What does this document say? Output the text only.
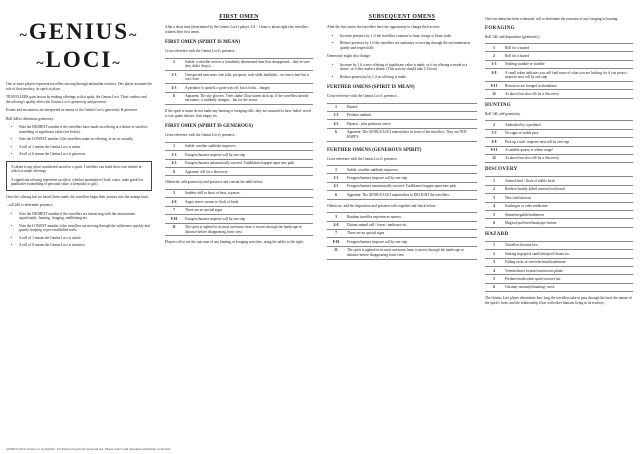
~GENIUS~
~LOCI~

One or more players represent travellers moving through unfamiliar territory. One player assumes the role of that territory, its spirit of place.

TRAVELLERS gain favour by making offerings to that spirit, the Genius Loci. Their conduct and the offering's quality affect the Genius Loci's generosity and presence.

Events and encounters are interpreted as omens of the Genius Loci's generosity & presence.

Roll 2d6 to determine generosity.

• Note the HIGHEST number if the travellers have made an offering at a shrine or sacrifice something of significant value (see below).
• Note the LOWEST number if the travellers make no offering, or do so casually.
• A roll of 1 means the Genius Loci is mean.
• A roll of 6 means the Genius Loci is generous.

A shrine is any place considered sacred to a spirit. Travellers can build their own shrines at which to make offerings.

A significant offering represents sacrifice, whether quantitative (food, water, trade goods) or qualitative (something of personal value: a keepsake or gift).

Once the offering has (or hasn't) been made, the travellers begin their journey into the strange land.

...roll 2d6 to determine presence.

• Note the HIGHEST number if the travellers are interacting with the environment significantly: hunting, foraging, trailblazing etc.
• Note the LOWEST number if the travellers are moving through the wilderness quickly and quietly, keeping to pre-established trails.
• A roll of 1 means the Genius Loci is subtle.
• A roll of 6 means the Genius Loci is intrusive.
FIRST OMEN

After a short time (determined by the Genius Loci's player, 1/2 - 1 hour is about right) the travellers witness their first omen.

FIRST OMEN (SPIRIT IS MEAN)

Cross-reference with the Genius Loci's presence...

1	Subtle: a traveller notices a (randomly determined item) has disappeared... they're sure they didn't drop it...
2-3	Unexpected near miss: tree falls, pit opens, rock-slide, landslide... no-one is hurt but it was close.
4-5	A predator is spotted, a good way off, but it looks... hungry.
6	Apparent: The sky glowers. Trees shake. Dust storms kick up. If the travellers already encounter, it suddenly changes... but for the worse.

If the spirit is mean do not make any hunting or foraging rolls, they are assumed to have failed: wood is wet, game elusive, fruit empty etc.

FIRST OMEN (SPIRIT IS GENEROUS)

Cross-reference with the Genius Loci's presence...

1	Subtle: weather suddenly improves.
2-3	Foragers/hunters improve roll by one step
4-5	Foragers/hunters automatically succeed. Trailblazers happen upon new path.
6	Apparent: roll for a discovery.

Otherwise, add generosity and presence and consult the table below:

3	Sudden chill or burst of heat, it passes.
4-6	Angry insect swarm or flock of birds.
7	There are no special signs
8-10	Foragers/hunters improve roll by one step
11	The spirit is sighted in its most awesome form: it moves through the landscape at distance before disappearing from view.

Players roll to see the outcome of any hunting or foraging activities, using the tables to the right.

SUBSEQUENT OMENS

After the first omen, the travellers have the opportunity to change their accuse:

• Increase presence by 1 if the travellers continue to hunt, forage or blaze trails.
• Reduce presence by 1 if the travellers are stationary or moving through the environment in quietly and respectfully.

Generosity might also change:

• Increase by 1 if a new offering of significant value is made, or if an offering is made at a shrine, or if they make a shrine. (This activity should take 1/2 hour)
• Reduce generosity by 1 if no offering is made.
FURTHER OMENS (SPIRIT IS MEAN)

Cross-reference with the Genius Loci's presence...

1	Hazard
2-3	Predator ambush
4-5	Hazard... plus predators arrive
6	Apparent: The GENIUS LOCI materialises in front of the travellers. They are NOT HAPPY.
FURTHER OMENS (GENEROUS SPIRIT)

Cross-reference with the Genius Loci's presence...

1	Subtle: weather suddenly improves.
2-3	Foragers/hunters improve roll by one step
4-5	Foragers/hunters automatically succeed. Trailblazers happen upon new path.
6	Apparent: The GENIUS LOCI materialises to DELIGHT the travellers.

Otherwise, add the disposition and presence rolls together and check below:

3	Random traveller experiences nausea.
4-6	Distant animal call / forest / ambience etc.
7	There are no special signs
8-10	Foragers/hunters improve roll by one step
11	The spirit is sighted in its most awesome form: it moves through the landscape at distance before disappearing from view.

Once an omen has been witnessed, roll to determine the outcome of any foraging or hunting.

FORAGING

Roll 1d6, add disposition (generosity)

1	Roll for a hazard
2	Roll for a hazard
3-5	Nothing suitable or useable
6-8	A small token indicates you will find some of what you are looking for if you persist: improve next roll by one step
9-11	Resources are foraged in abundance
12	As above but also roll for a discovery.
HUNTING

Roll 1d6, add generosity

2	Ambushed by a predator!
3-5	No signs of viable prey
6-8	Pick up a trail: improve next roll by one step
9-11	A suitable quarry is within range!
12	As above but also roll for a discovery.
DISCOVERY
1	Animal herd / flock of edible birds
2	Beehive/freshly killed carrion/food hoard
3	New trail/shortcut
4	Earthsigns or other medicines
5	Shrine/megalith/settlement
6	Magical pool/tree/landscape feature
HAZARD
1	Travellers become lost
2	Sinking bog/quick sand/whirlpool/chasm etc.
3	Falling rocks or tree/whirlwind/sandstorm
4	Vermin/insect swarm/carnivorous plants
5	Predator/malevolent spirit/sorcerer lair
6	Uncanny anomaly/haunting/ curse

The Genius Loci player determines how long the travellers take to pass through the land, the nature of the spirit's form, and the relationship it has with other humans living in its territory.

GENIUS LOCI version 1.1 by Sofinho · Permission to print for personal use. Please source and reproduce attribution as desired.
